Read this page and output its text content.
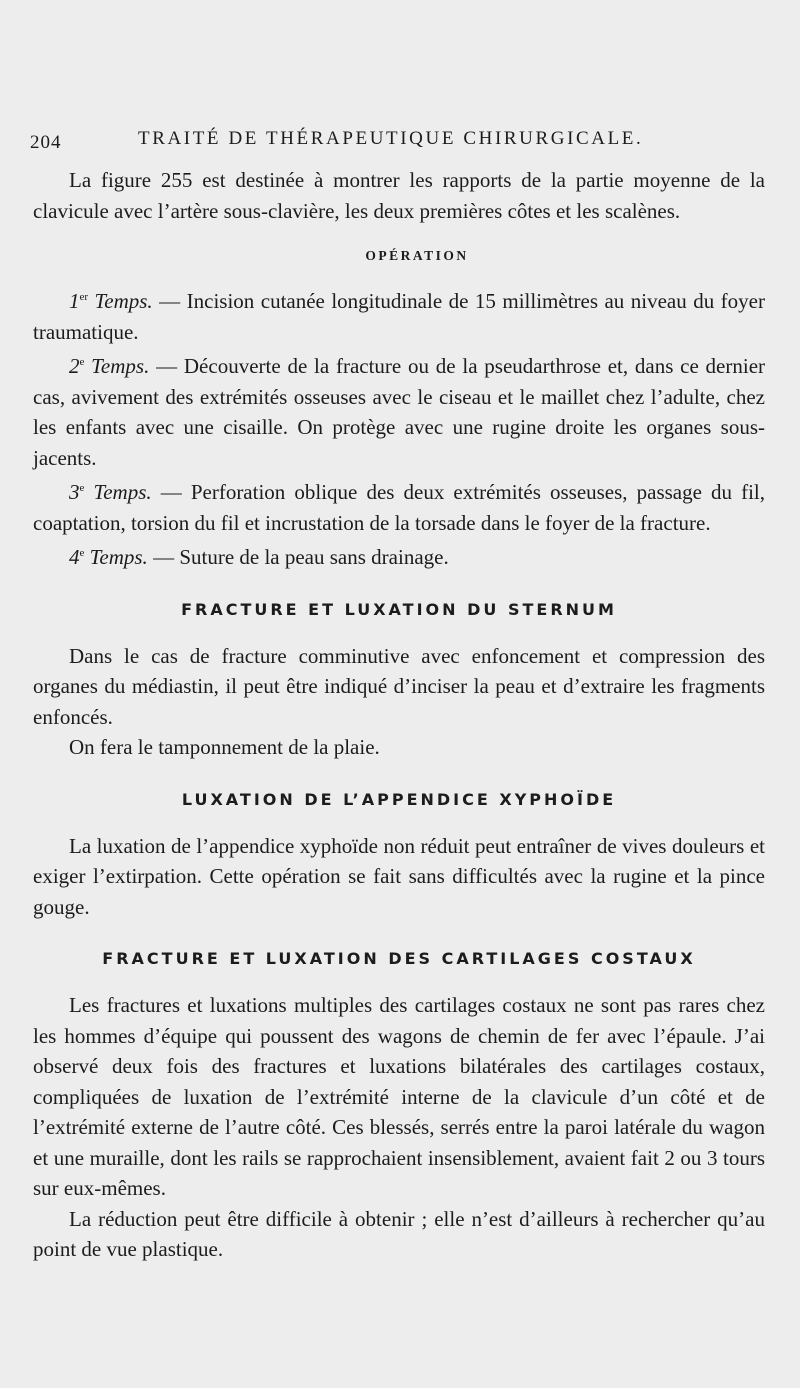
204	TRAITÉ DE THÉRAPEUTIQUE CHIRURGICALE.

La figure 255 est destinée à montrer les rapports de la partie moyenne de la clavicule avec l’artère sous-clavière, les deux premières côtes et les scalènes.

OPÉRATION

1er Temps. — Incision cutanée longitudinale de 15 millimètres au niveau du foyer traumatique.

2e Temps. — Découverte de la fracture ou de la pseudarthrose et, dans ce dernier cas, avivement des extrémités osseuses avec le ciseau et le maillet chez l’adulte, chez les enfants avec une cisaille. On protège avec une rugine droite les organes sous-jacents.

3e Temps. — Perforation oblique des deux extrémités osseuses, passage du fil, coaptation, torsion du fil et incrustation de la torsade dans le foyer de la fracture.

4e Temps. — Suture de la peau sans drainage.

FRACTURE ET LUXATION DU STERNUM

Dans le cas de fracture comminutive avec enfoncement et compression des organes du médiastin, il peut être indiqué d’inciser la peau et d’extraire les fragments enfoncés.

On fera le tamponnement de la plaie.

LUXATION DE L’APPENDICE XYPHOÏDE

La luxation de l’appendice xyphoïde non réduit peut entraîner de vives douleurs et exiger l’extirpation. Cette opération se fait sans difficultés avec la rugine et la pince gouge.

FRACTURE ET LUXATION DES CARTILAGES COSTAUX

Les fractures et luxations multiples des cartilages costaux ne sont pas rares chez les hommes d’équipe qui poussent des wagons de chemin de fer avec l’épaule. J’ai observé deux fois des fractures et luxations bilatérales des cartilages costaux, compliquées de luxation de l’extrémité interne de la clavicule d’un côté et de l’extrémité externe de l’autre côté. Ces blessés, serrés entre la paroi latérale du wagon et une muraille, dont les rails se rapprochaient insensiblement, avaient fait 2 ou 3 tours sur eux-mêmes.

La réduction peut être difficile à obtenir ; elle n’est d’ailleurs à rechercher qu’au point de vue plastique.
